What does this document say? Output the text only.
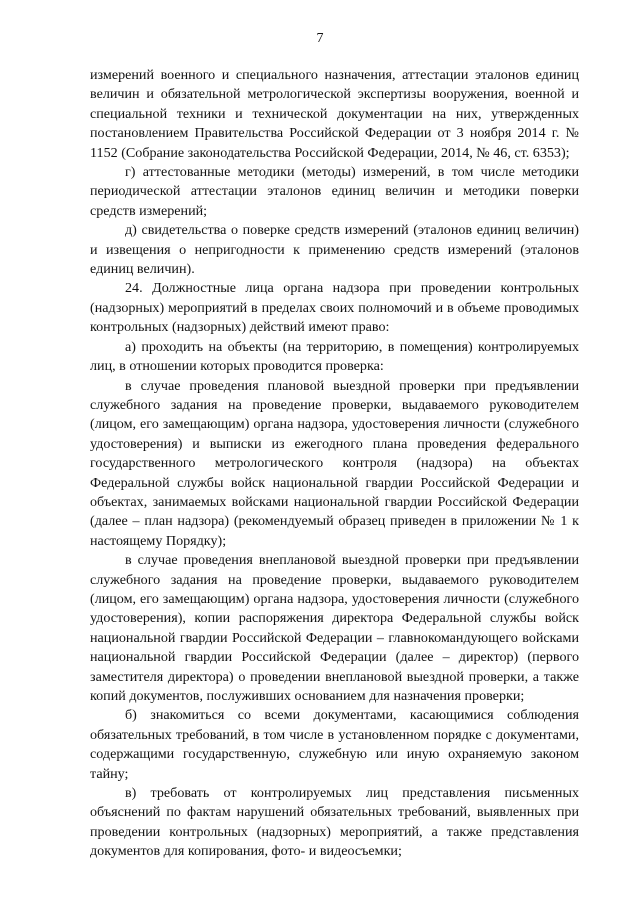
7

измерений военного и специального назначения, аттестации эталонов единиц величин и обязательной метрологической экспертизы вооружения, военной и специальной техники и технической документации на них, утвержденных постановлением Правительства Российской Федерации от 3 ноября 2014 г. № 1152 (Собрание законодательства Российской Федерации, 2014, № 46, ст. 6353);

г) аттестованные методики (методы) измерений, в том числе методики периодической аттестации эталонов единиц величин и методики поверки средств измерений;

д) свидетельства о поверке средств измерений (эталонов единиц величин) и извещения о непригодности к применению средств измерений (эталонов единиц величин).

24. Должностные лица органа надзора при проведении контрольных (надзорных) мероприятий в пределах своих полномочий и в объеме проводимых контрольных (надзорных) действий имеют право:

а) проходить на объекты (на территорию, в помещения) контролируемых лиц, в отношении которых проводится проверка:

в случае проведения плановой выездной проверки при предъявлении служебного задания на проведение проверки, выдаваемого руководителем (лицом, его замещающим) органа надзора, удостоверения личности (служебного удостоверения) и выписки из ежегодного плана проведения федерального государственного метрологического контроля (надзора) на объектах Федеральной службы войск национальной гвардии Российской Федерации и объектах, занимаемых войсками национальной гвардии Российской Федерации (далее – план надзора) (рекомендуемый образец приведен в приложении № 1 к настоящему Порядку);

в случае проведения внеплановой выездной проверки при предъявлении служебного задания на проведение проверки, выдаваемого руководителем (лицом, его замещающим) органа надзора, удостоверения личности (служебного удостоверения), копии распоряжения директора Федеральной службы войск национальной гвардии Российской Федерации – главнокомандующего войсками национальной гвардии Российской Федерации (далее – директор) (первого заместителя директора) о проведении внеплановой выездной проверки, а также копий документов, послуживших основанием для назначения проверки;

б) знакомиться со всеми документами, касающимися соблюдения обязательных требований, в том числе в установленном порядке с документами, содержащими государственную, служебную или иную охраняемую законом тайну;

в) требовать от контролируемых лиц представления письменных объяснений по фактам нарушений обязательных требований, выявленных при проведении контрольных (надзорных) мероприятий, а также представления документов для копирования, фото- и видеосъемки;
